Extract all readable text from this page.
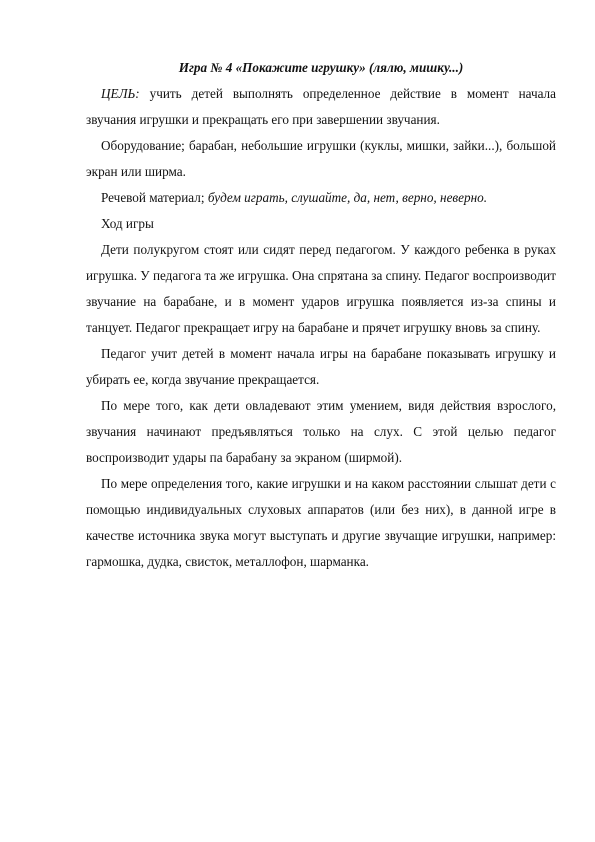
Игра № 4 «Покажите игрушку» (лялю, мишку...)

ЦЕЛЬ: учить детей выполнять определенное действие в момент начала звучания игрушки и прекращать его при завершении звучания.

Оборудование; барабан, небольшие игрушки (куклы, мишки, зайки...), большой экран или ширма.

Речевой материал; будем играть, слушайте, да, нет, верно, неверно.

Ход игры

Дети полукругом стоят или сидят перед педагогом. У каждого ребенка в руках игрушка. У педагога та же игрушка. Она спрятана за спину. Педагог воспроизводит звучание на барабане, и в момент ударов игрушка появляется из-за спины и танцует. Педагог прекращает игру на барабане и прячет игрушку вновь за спину.

Педагог учит детей в момент начала игры на барабане показывать игрушку и убирать ее, когда звучание прекращается.

По мере того, как дети овладевают этим умением, видя действия взрослого, звучания начинают предъявляться только на слух. С этой целью педагог воспроизводит удары па барабану за экраном (ширмой).

По мере определения того, какие игрушки и на каком расстоянии слышат дети с помощью индивидуальных слуховых аппаратов (или без них), в данной игре в качестве источника звука могут выступать и другие звучащие игрушки, например: гармошка, дудка, свисток, металлофон, шарманка.
